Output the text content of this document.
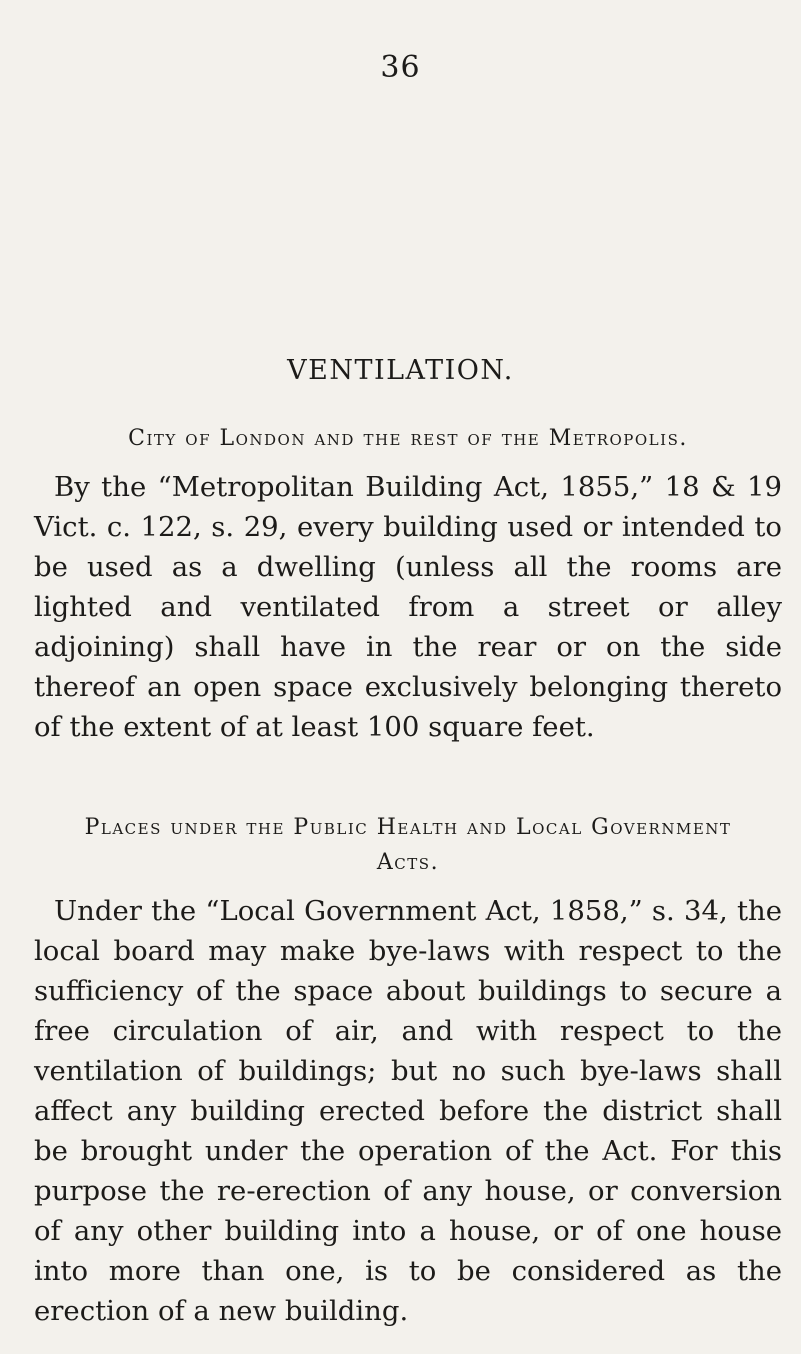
36
VENTILATION.
City of London and the rest of the Metropolis.

By the “Metropolitan Building Act, 1855,” 18 & 19 Vict. c. 122, s. 29, every building used or intended to be used as a dwelling (unless all the rooms are lighted and ventilated from a street or alley adjoining) shall have in the rear or on the side thereof an open space exclusively belonging thereto of the extent of at least 100 square feet.

Places under the Public Health and Local Government
Acts.

Under the “Local Government Act, 1858,” s. 34, the local board may make bye-laws with respect to the sufficiency of the space about buildings to secure a free circulation of air, and with respect to the ventilation of buildings; but no such bye-laws shall affect any building erected before the district shall be brought under the operation of the Act. For this purpose the re-erection of any house, or conversion of any other building into a house, or of one house into more than one, is to be considered as the erection of a new building.
